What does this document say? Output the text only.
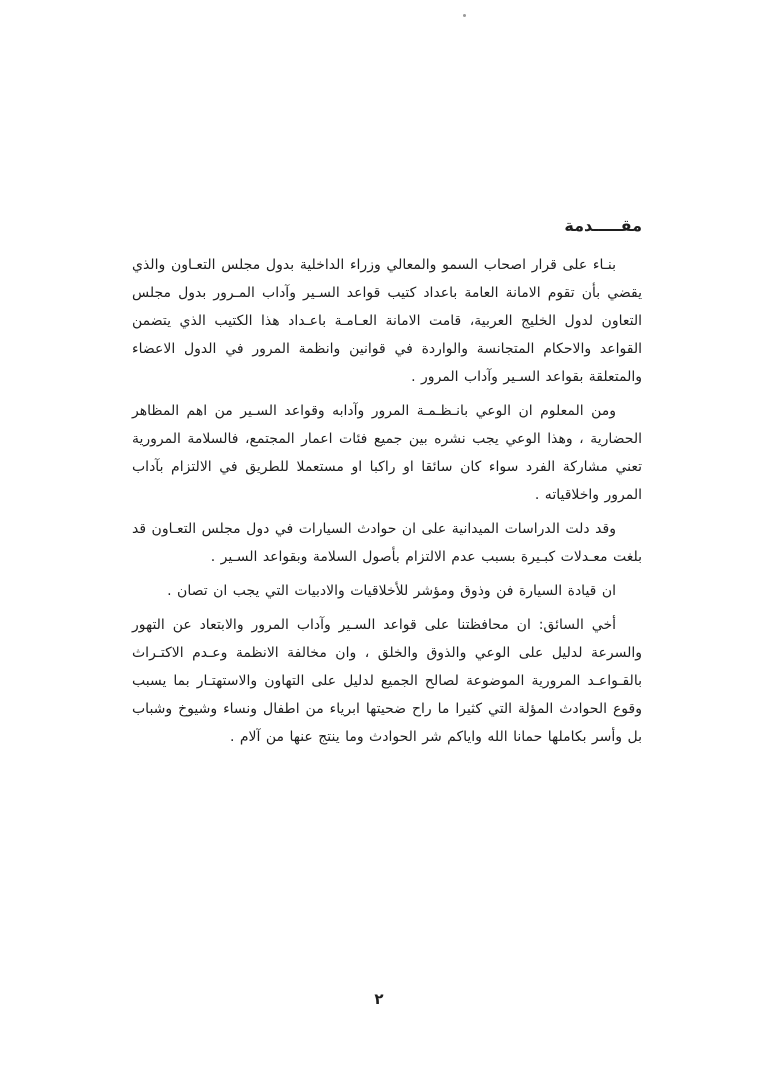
مقـــــدمة

بنـاء على قرار اصحاب السمو والمعالي وزراء الداخلية بدول مجلس التعـاون والذي يقضي بأن تقوم الامانة العامة باعداد كتيب قواعد السـير وآداب المـرور بدول مجلس التعاون لدول الخليج العربية، قامت الامانة العـامـة باعـداد هذا الكتيب الذي يتضمن القواعد والاحكام المتجانسة والواردة في قوانين وانظمة المرور في الدول الاعضاء والمتعلقة بقواعد السـير وآداب المرور .

ومن المعلوم ان الوعي بانـظـمـة المرور وآدابه وقواعد السـير من اهم المظاهر الحضارية ، وهذا الوعي يجب نشره بين جميع فئات اعمار المجتمع، فالسلامة المرورية تعني مشاركة الفرد سواء كان سائقا او راكبا او مستعملا للطريق في الالتزام بآداب المرور واخلاقياته .

وقد دلت الدراسات الميدانية على ان حوادث السيارات في دول مجلس التعـاون قد بلغت معـدلات كبـيرة بسبب عدم الالتزام بأصول السلامة وبقواعد السـير .

ان قيادة السيارة فن وذوق ومؤشر للأخلاقيات والادبيات التي يجب ان تصان .

أخي السائق: ان محافظتنا على قواعد السـير وآداب المرور والابتعاد عن التهور والسرعة لدليل على الوعي والذوق والخلق ، وان مخالفة الانظمة وعـدم الاكتـراث بالقـواعـد المرورية الموضوعة لصالح الجميع لدليل على التهاون والاستهتـار بما يسبب وقوع الحوادث المؤلة التي كثيرا ما راح ضحيتها ابرياء من اطفال ونساء وشيوخ وشباب بل وأسر بكاملها حمانا الله واياكم شر الحوادث وما ينتج عنها من آلام .

٢
